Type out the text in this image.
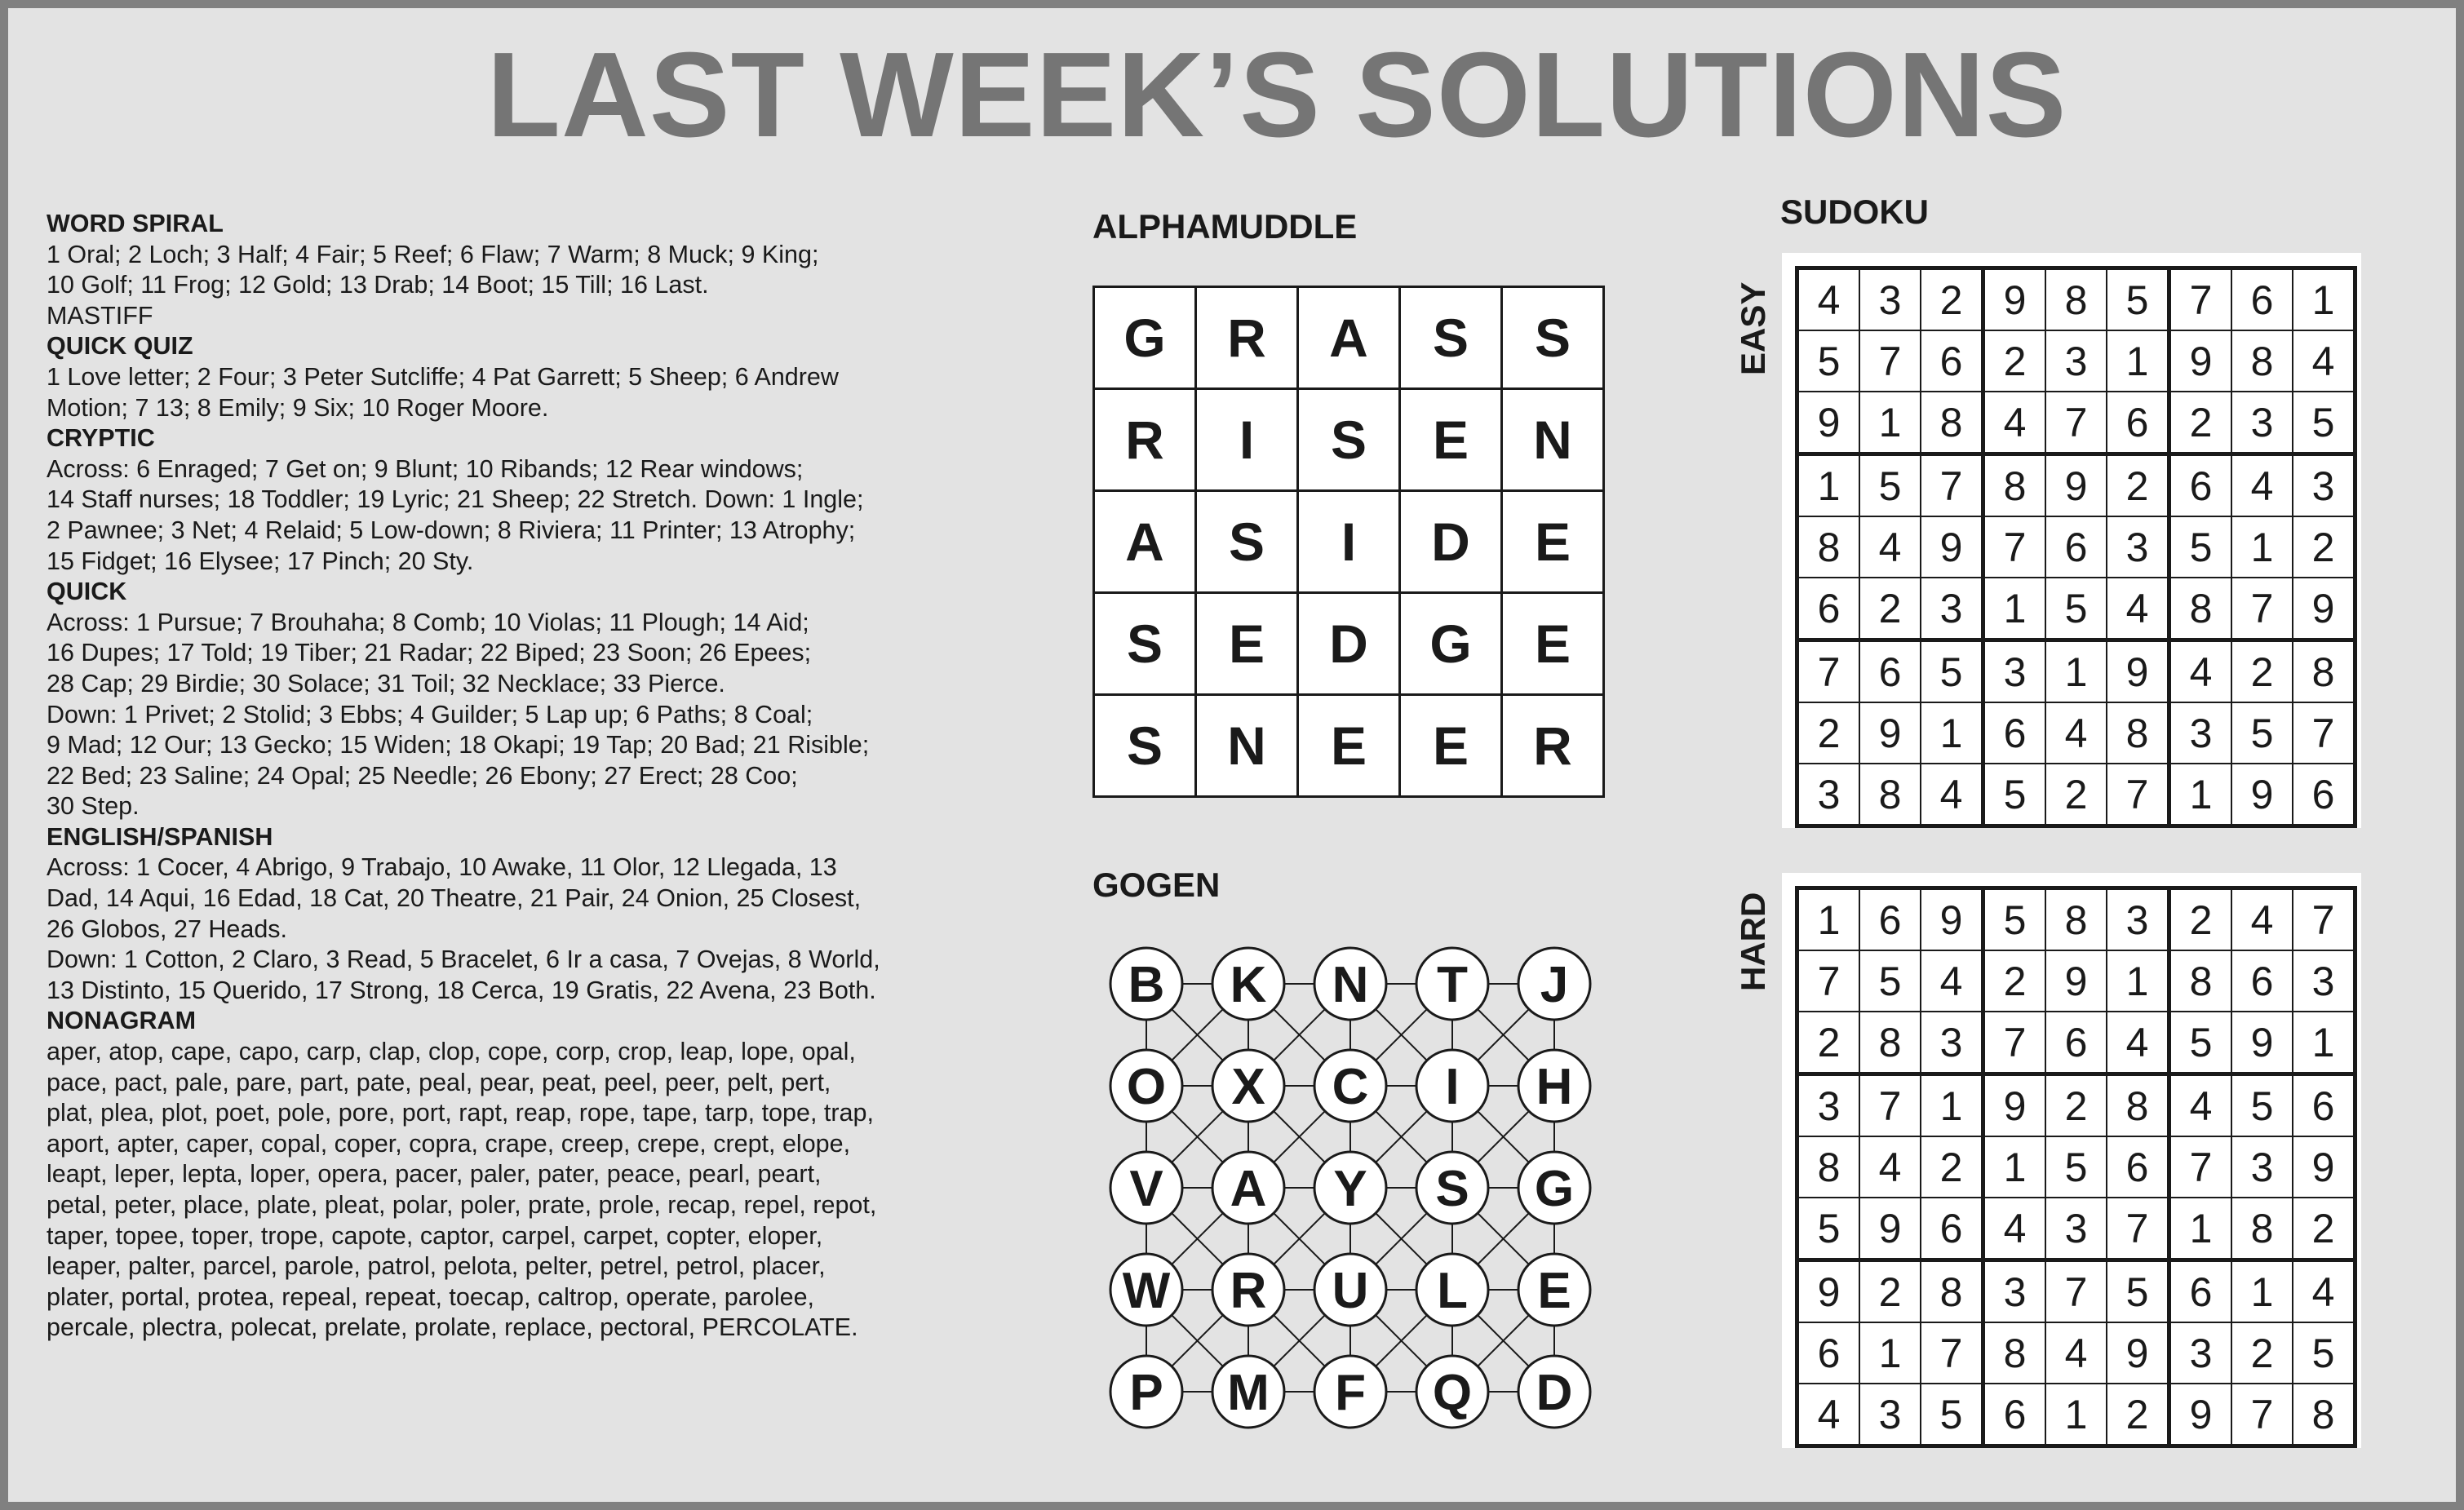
LAST WEEK’S SOLUTIONS
WORD SPIRAL
1 Oral; 2 Loch; 3 Half; 4 Fair; 5 Reef; 6 Flaw; 7 Warm; 8 Muck; 9 King;
10 Golf; 11 Frog; 12 Gold; 13 Drab; 14 Boot; 15 Till; 16 Last.
MASTIFF
QUICK QUIZ
1 Love letter; 2 Four; 3 Peter Sutcliffe; 4 Pat Garrett; 5 Sheep; 6 Andrew
Motion; 7 13; 8 Emily; 9 Six; 10 Roger Moore.
CRYPTIC
Across: 6 Enraged; 7 Get on; 9 Blunt; 10 Ribands; 12 Rear windows;
14 Staff nurses; 18 Toddler; 19 Lyric; 21 Sheep; 22 Stretch. Down: 1 Ingle;
2 Pawnee; 3 Net; 4 Relaid; 5 Low-down; 8 Riviera; 11 Printer; 13 Atrophy;
15 Fidget; 16 Elysee; 17 Pinch; 20 Sty.
QUICK
Across: 1 Pursue; 7 Brouhaha; 8 Comb; 10 Violas; 11 Plough; 14 Aid;
16 Dupes; 17 Told; 19 Tiber; 21 Radar; 22 Biped; 23 Soon; 26 Epees;
28 Cap; 29 Birdie; 30 Solace; 31 Toil; 32 Necklace; 33 Pierce.
Down: 1 Privet; 2 Stolid; 3 Ebbs; 4 Guilder; 5 Lap up; 6 Paths; 8 Coal;
9 Mad; 12 Our; 13 Gecko; 15 Widen; 18 Okapi; 19 Tap; 20 Bad; 21 Risible;
22 Bed; 23 Saline; 24 Opal; 25 Needle; 26 Ebony; 27 Erect; 28 Coo;
30 Step.
ENGLISH/SPANISH
Across: 1 Cocer, 4 Abrigo, 9 Trabajo, 10 Awake, 11 Olor, 12 Llegada, 13
Dad, 14 Aqui, 16 Edad, 18 Cat, 20 Theatre, 21 Pair, 24 Onion, 25 Closest,
26 Globos, 27 Heads.
Down: 1 Cotton, 2 Claro, 3 Read, 5 Bracelet, 6 Ir a casa, 7 Ovejas, 8 World,
13 Distinto, 15 Querido, 17 Strong, 18 Cerca, 19 Gratis, 22 Avena, 23 Both.
NONAGRAM
aper, atop, cape, capo, carp, clap, clop, cope, corp, crop, leap, lope, opal,
pace, pact, pale, pare, part, pate, peal, pear, peat, peel, peer, pelt, pert,
plat, plea, plot, poet, pole, pore, port, rapt, reap, rope, tape, tarp, tope, trap,
aport, apter, caper, copal, coper, copra, crape, creep, crepe, crept, elope,
leapt, leper, lepta, loper, opera, pacer, paler, pater, peace, pearl, peart,
petal, peter, place, plate, pleat, polar, poler, prate, prole, recap, repel, repot,
taper, topee, toper, trope, capote, captor, carpel, carpet, copter, eloper,
leaper, palter, parcel, parole, patrol, pelota, pelter, petrel, petrol, placer,
plater, portal, protea, repeal, repeat, toecap, caltrop, operate, parolee,
percale, plectra, polecat, prelate, prolate, replace, pectoral, PERCOLATE.
ALPHAMUDDLE
G	R	A	S	S
R	I	S	E	N
A	S	I	D	E
S	E	D	G	E
S	N	E	E	R
GOGEN
B K N T J
O X C I H
V A Y S G
W R U L E
P M F Q D
SUDOKU
EASY 4	3	2	9	8	5	7	6	1
5	7	6	2	3	1	9	8	4
9	1	8	4	7	6	2	3	5
1	5	7	8	9	2	6	4	3
8	4	9	7	6	3	5	1	2
6	2	3	1	5	4	8	7	9
7	6	5	3	1	9	4	2	8
2	9	1	6	4	8	3	5	7
3	8	4	5	2	7	1	9	6
HARD 1	6	9	5	8	3	2	4	7
7	5	4	2	9	1	8	6	3
2	8	3	7	6	4	5	9	1
3	7	1	9	2	8	4	5	6
8	4	2	1	5	6	7	3	9
5	9	6	4	3	7	1	8	2
9	2	8	3	7	5	6	1	4
6	1	7	8	4	9	3	2	5
4	3	5	6	1	2	9	7	8
